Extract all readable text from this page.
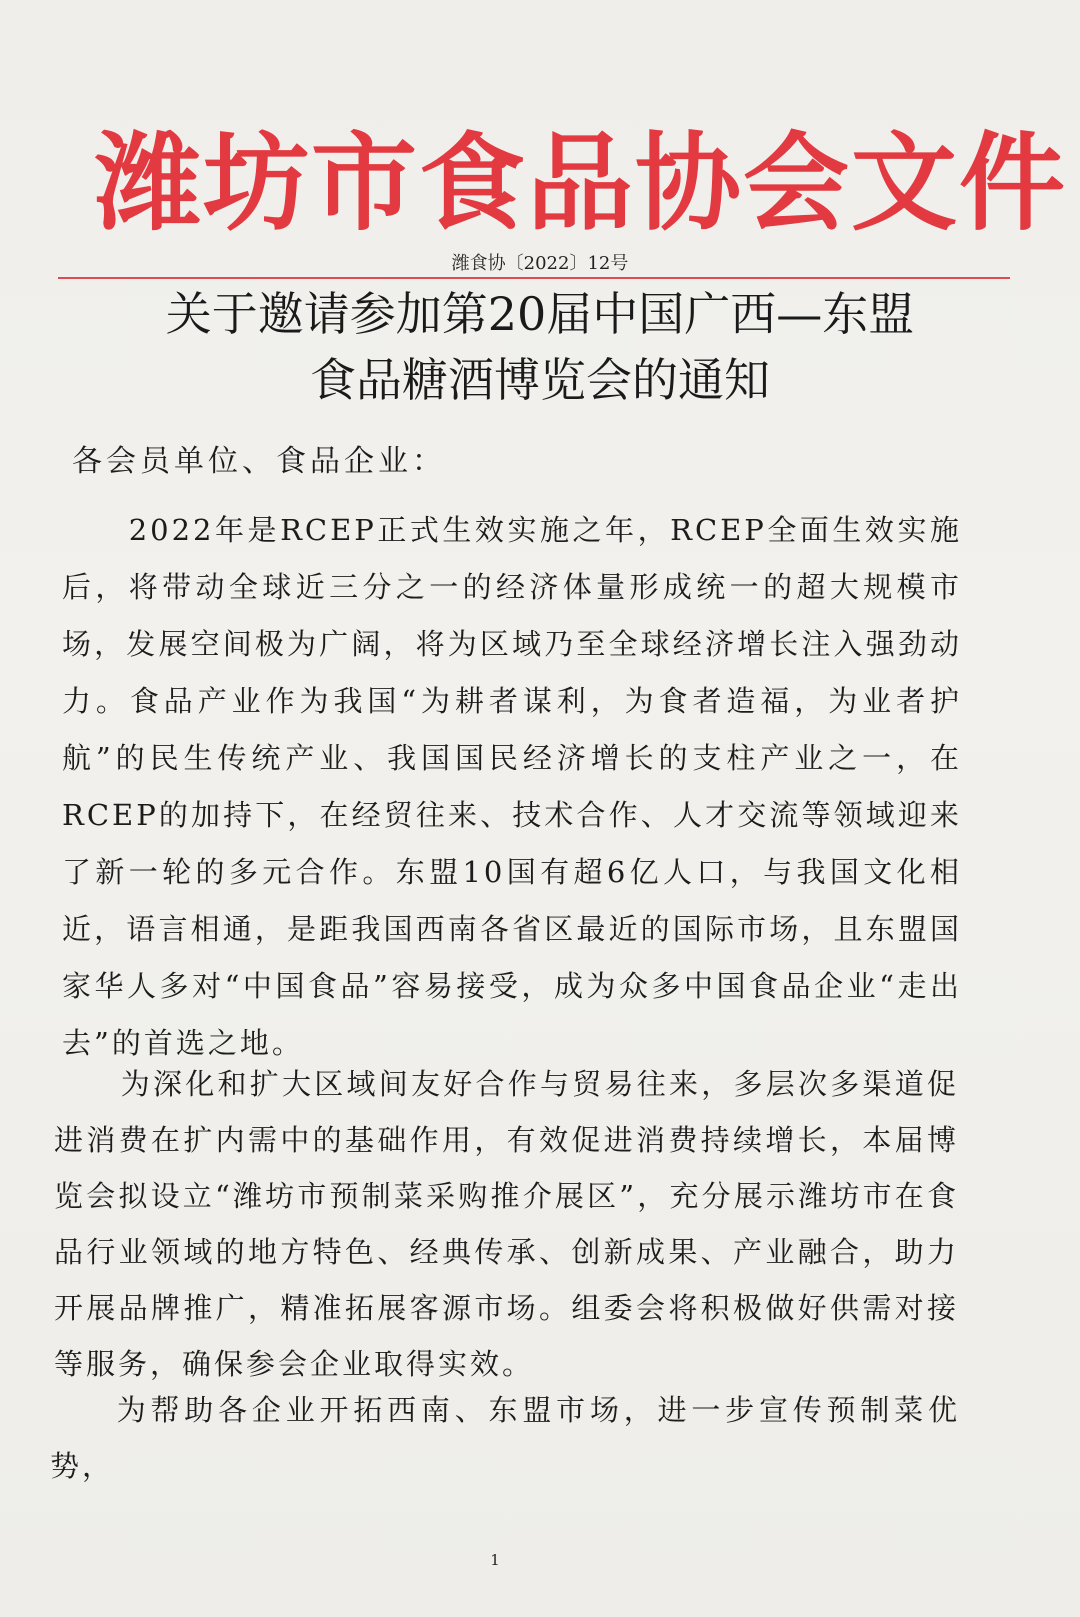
潍坊市食品协会文件
潍食协〔2022〕12号
关于邀请参加第20届中国广西—东盟
食品糖酒博览会的通知
各会员单位、食品企业：

2022年是RCEP正式生效实施之年，RCEP全面生效实施后，将带动全球近三分之一的经济体量形成统一的超大规模市场，发展空间极为广阔，将为区域乃至全球经济增长注入强劲动力。食品产业作为我国“为耕者谋利，为食者造福，为业者护航”的民生传统产业、我国国民经济增长的支柱产业之一，在RCEP的加持下，在经贸往来、技术合作、人才交流等领域迎来了新一轮的多元合作。东盟10国有超6亿人口，与我国文化相近，语言相通，是距我国西南各省区最近的国际市场，且东盟国家华人多对“中国食品”容易接受，成为众多中国食品企业“走出去”的首选之地。

为深化和扩大区域间友好合作与贸易往来，多层次多渠道促进消费在扩内需中的基础作用，有效促进消费持续增长，本届博览会拟设立“潍坊市预制菜采购推介展区”，充分展示潍坊市在食品行业领域的地方特色、经典传承、创新成果、产业融合，助力开展品牌推广，精准拓展客源市场。组委会将积极做好供需对接等服务，确保参会企业取得实效。

为帮助各企业开拓西南、东盟市场，进一步宣传预制菜优势，

1
